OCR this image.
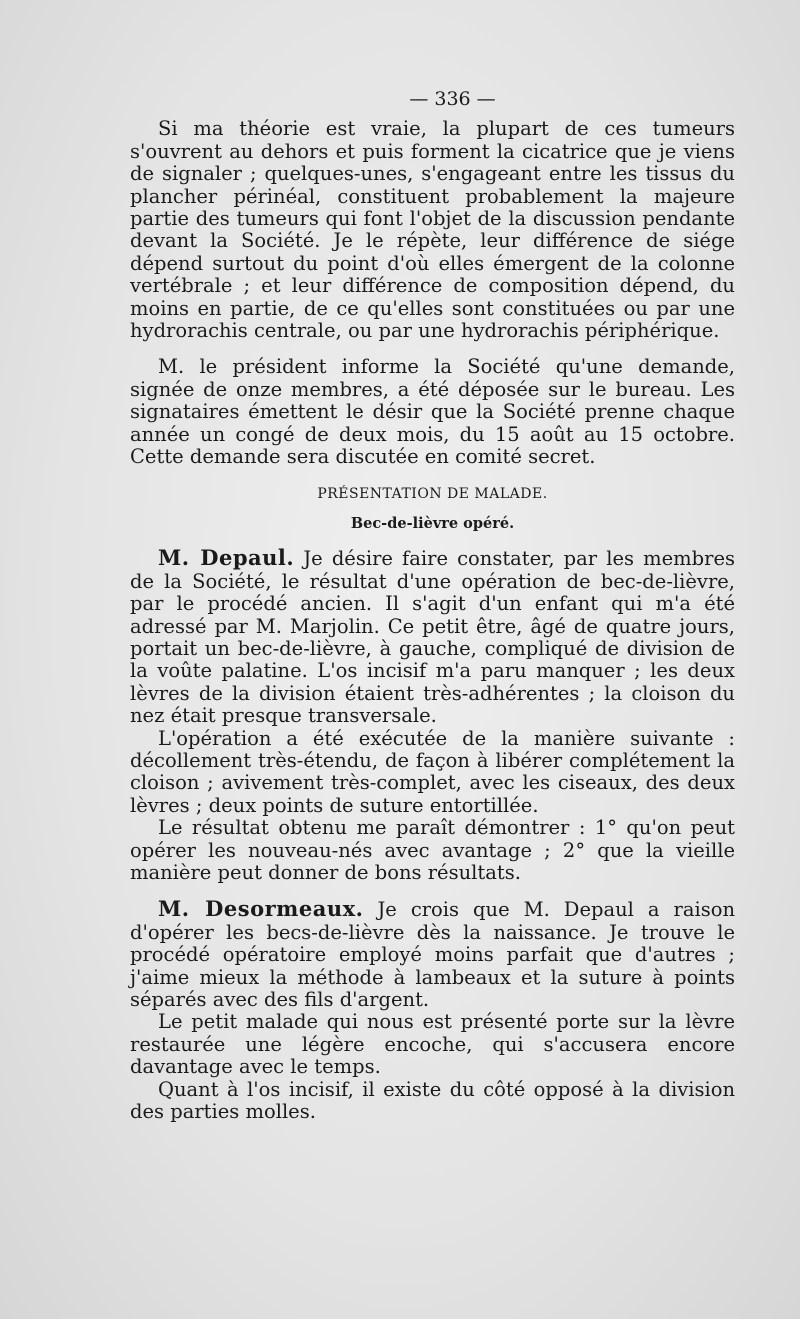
— 336 —

Si ma théorie est vraie, la plupart de ces tumeurs s'ouvrent au dehors et puis forment la cicatrice que je viens de signaler ; quelques-unes, s'engageant entre les tissus du plancher périnéal, constituent probablement la majeure partie des tumeurs qui font l'objet de la discussion pendante devant la Société. Je le répète, leur différence de siége dépend surtout du point d'où elles émergent de la colonne vertébrale ; et leur différence de composition dépend, du moins en partie, de ce qu'elles sont constituées ou par une hydrorachis centrale, ou par une hydrorachis périphérique.

M. le président informe la Société qu'une demande, signée de onze membres, a été déposée sur le bureau. Les signataires émettent le désir que la Société prenne chaque année un congé de deux mois, du 15 août au 15 octobre. Cette demande sera discutée en comité secret.

PRÉSENTATION DE MALADE.

Bec-de-lièvre opéré.

M. Depaul. Je désire faire constater, par les membres de la Société, le résultat d'une opération de bec-de-lièvre, par le procédé ancien. Il s'agit d'un enfant qui m'a été adressé par M. Marjolin. Ce petit être, âgé de quatre jours, portait un bec-de-lièvre, à gauche, compliqué de division de la voûte palatine. L'os incisif m'a paru manquer ; les deux lèvres de la division étaient très-adhérentes ; la cloison du nez était presque transversale.

L'opération a été exécutée de la manière suivante : décollement très-étendu, de façon à libérer complétement la cloison ; avivement très-complet, avec les ciseaux, des deux lèvres ; deux points de suture entortillée.

Le résultat obtenu me paraît démontrer : 1° qu'on peut opérer les nouveau-nés avec avantage ; 2° que la vieille manière peut donner de bons résultats.

M. Desormeaux. Je crois que M. Depaul a raison d'opérer les becs-de-lièvre dès la naissance. Je trouve le procédé opératoire employé moins parfait que d'autres ; j'aime mieux la méthode à lambeaux et la suture à points séparés avec des fils d'argent.

Le petit malade qui nous est présenté porte sur la lèvre restaurée une légère encoche, qui s'accusera encore davantage avec le temps.

Quant à l'os incisif, il existe du côté opposé à la division des parties molles.
